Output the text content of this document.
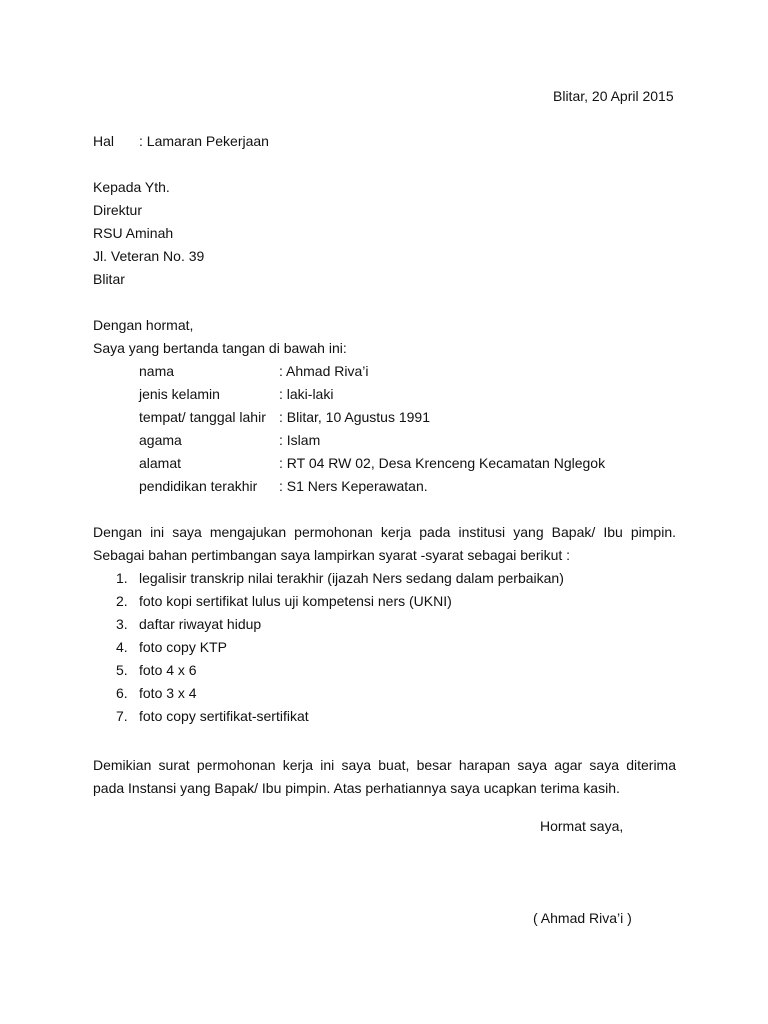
Blitar, 20 April 2015
Hal : Lamaran Pekerjaan
Kepada Yth.
Direktur
RSU Aminah
Jl. Veteran No. 39
Blitar
Dengan hormat,
Saya yang bertanda tangan di bawah ini:
nama	: Ahmad Riva’i
jenis kelamin	: laki-laki
tempat/ tanggal lahir : Blitar, 10 Agustus 1991
agama	: Islam
alamat	: RT 04 RW 02, Desa Krenceng Kecamatan Nglegok
pendidikan terakhir : S1 Ners Keperawatan.
Dengan ini saya mengajukan permohonan kerja pada institusi yang Bapak/ Ibu pimpin.
Sebagai bahan pertimbangan saya lampirkan syarat -syarat sebagai berikut :
1. legalisir transkrip nilai terakhir (ijazah Ners sedang dalam perbaikan)
2. foto kopi sertifikat lulus uji kompetensi ners (UKNI)
3. daftar riwayat hidup
4. foto copy KTP
5. foto 4 x 6
6. foto 3 x 4
7. foto copy sertifikat-sertifikat
Demikian surat permohonan kerja ini saya buat, besar harapan saya agar saya diterima
pada Instansi yang Bapak/ Ibu pimpin. Atas perhatiannya saya ucapkan terima kasih.
Hormat saya,
( Ahmad Riva’i )
